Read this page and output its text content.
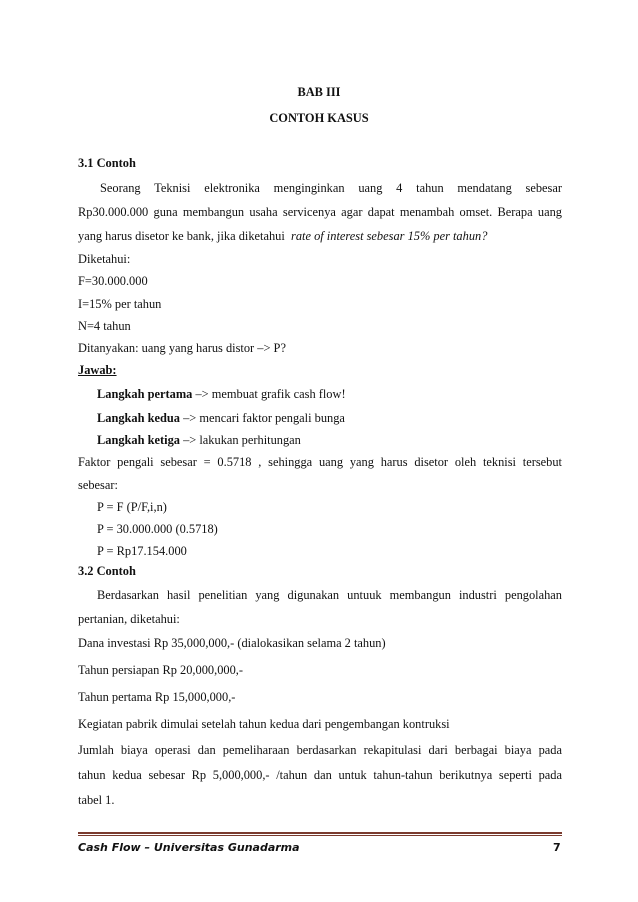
BAB III
CONTOH KASUS
3.1 Contoh
Seorang Teknisi elektronika menginginkan uang 4 tahun mendatang sebesar
Rp30.000.000 guna membangun usaha servicenya agar dapat menambah omset. Berapa uang
yang harus disetor ke bank, jika diketahui rate of interest sebesar 15% per tahun?
Diketahui:
F=30.000.000
I=15% per tahun
N=4 tahun
Ditanyakan: uang yang harus distor –> P?
Jawab:
Langkah pertama –> membuat grafik cash flow!
Langkah kedua –> mencari faktor pengali bunga
Langkah ketiga –> lakukan perhitungan
Faktor pengali sebesar = 0.5718 , sehingga uang yang harus disetor oleh teknisi tersebut
sebesar:
P = F (P/F,i,n)
P = 30.000.000 (0.5718)
P = Rp17.154.000
3.2 Contoh
Berdasarkan hasil penelitian yang digunakan untuuk membangun industri pengolahan
pertanian, diketahui:
Dana investasi Rp 35,000,000,- (dialokasikan selama 2 tahun)
Tahun persiapan Rp 20,000,000,-
Tahun pertama Rp 15,000,000,-
Kegiatan pabrik dimulai setelah tahun kedua dari pengembangan kontruksi
Jumlah biaya operasi dan pemeliharaan berdasarkan rekapitulasi dari berbagai biaya pada
tahun kedua sebesar Rp 5,000,000,- /tahun dan untuk tahun-tahun berikutnya seperti pada
tabel 1.
Cash Flow – Universitas Gunadarma	7
